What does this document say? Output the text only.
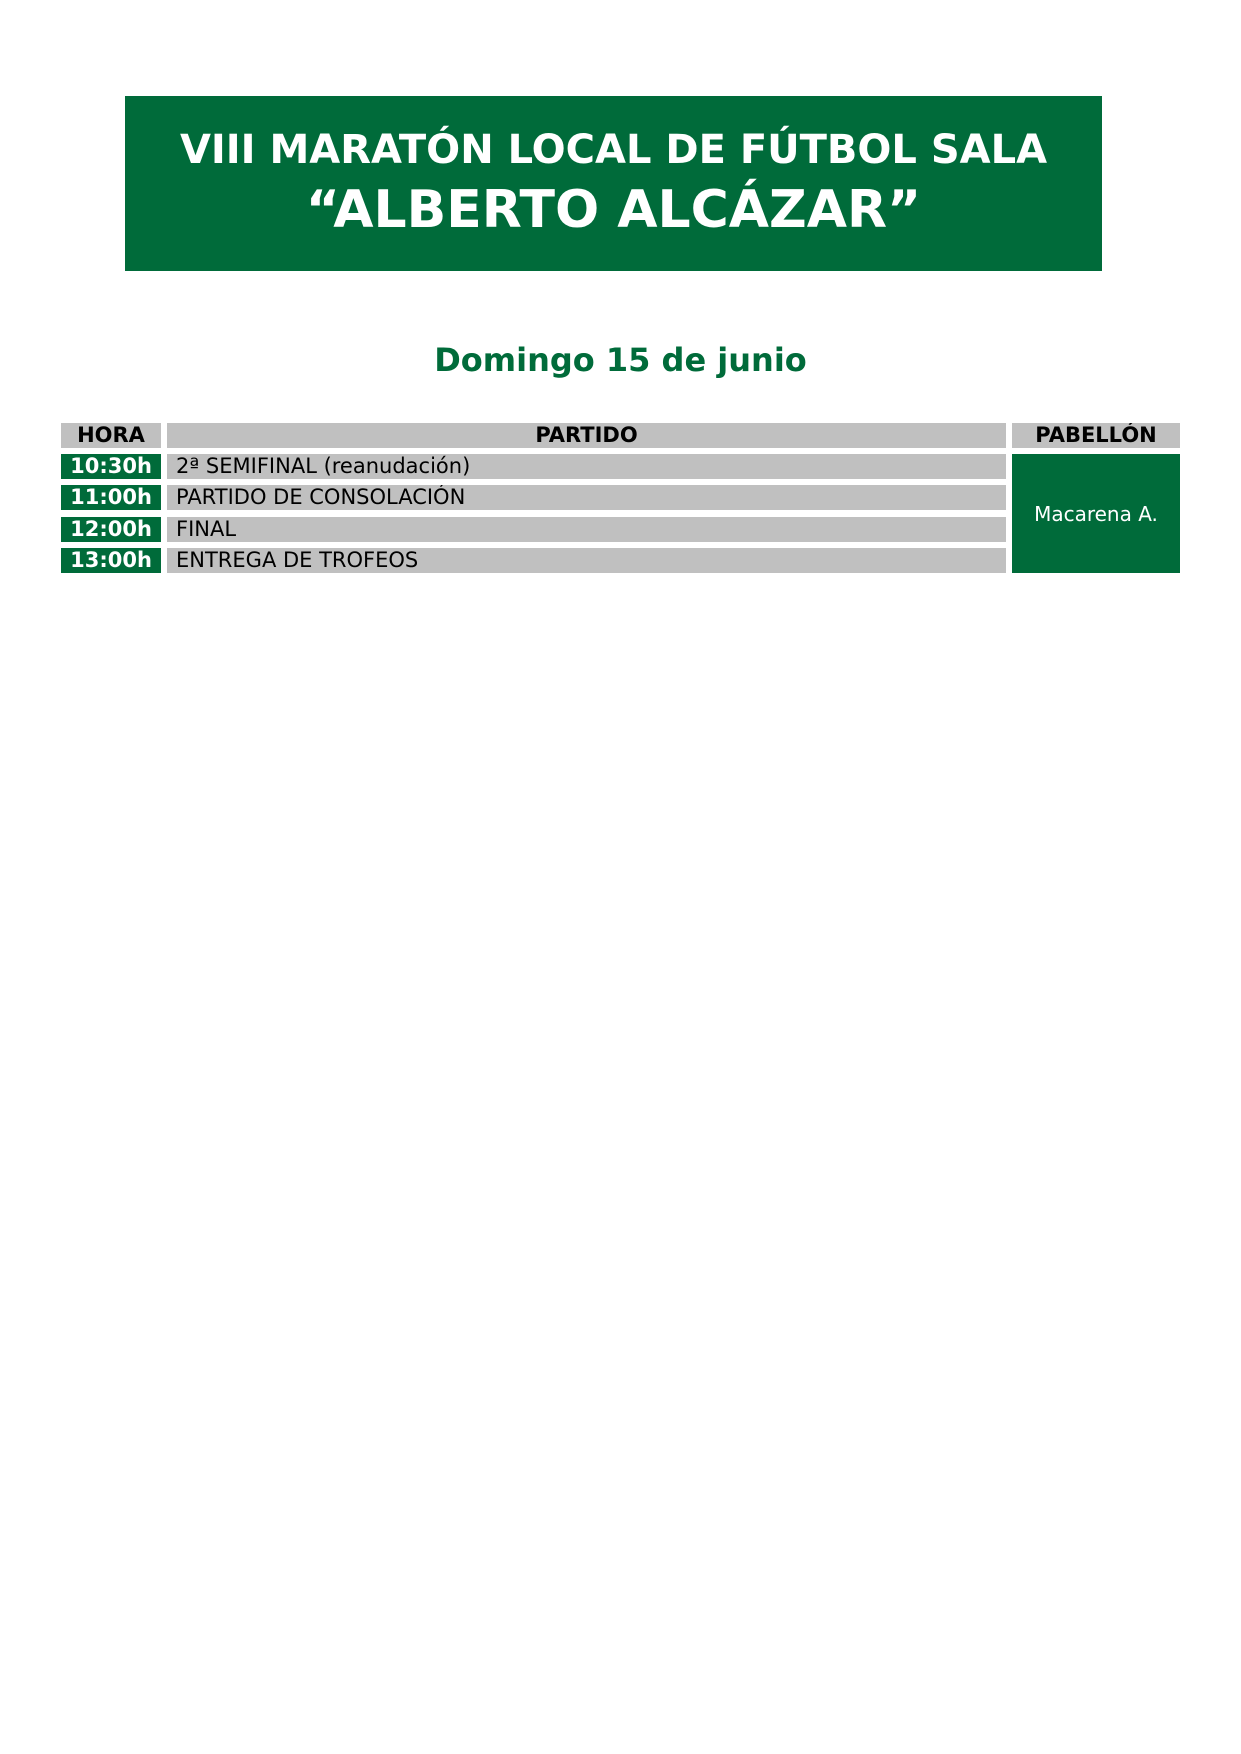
VIII MARATÓN LOCAL DE FÚTBOL SALA
“ALBERTO ALCÁZAR”
Domingo 15 de junio
HORA	PARTIDO	PABELLÓN
10:30h	2ª SEMIFINAL (reanudación)
11:00h	PARTIDO DE CONSOLACIÓN
12:00h	FINAL
13:00h	ENTREGA DE TROFEOS
Macarena A.
